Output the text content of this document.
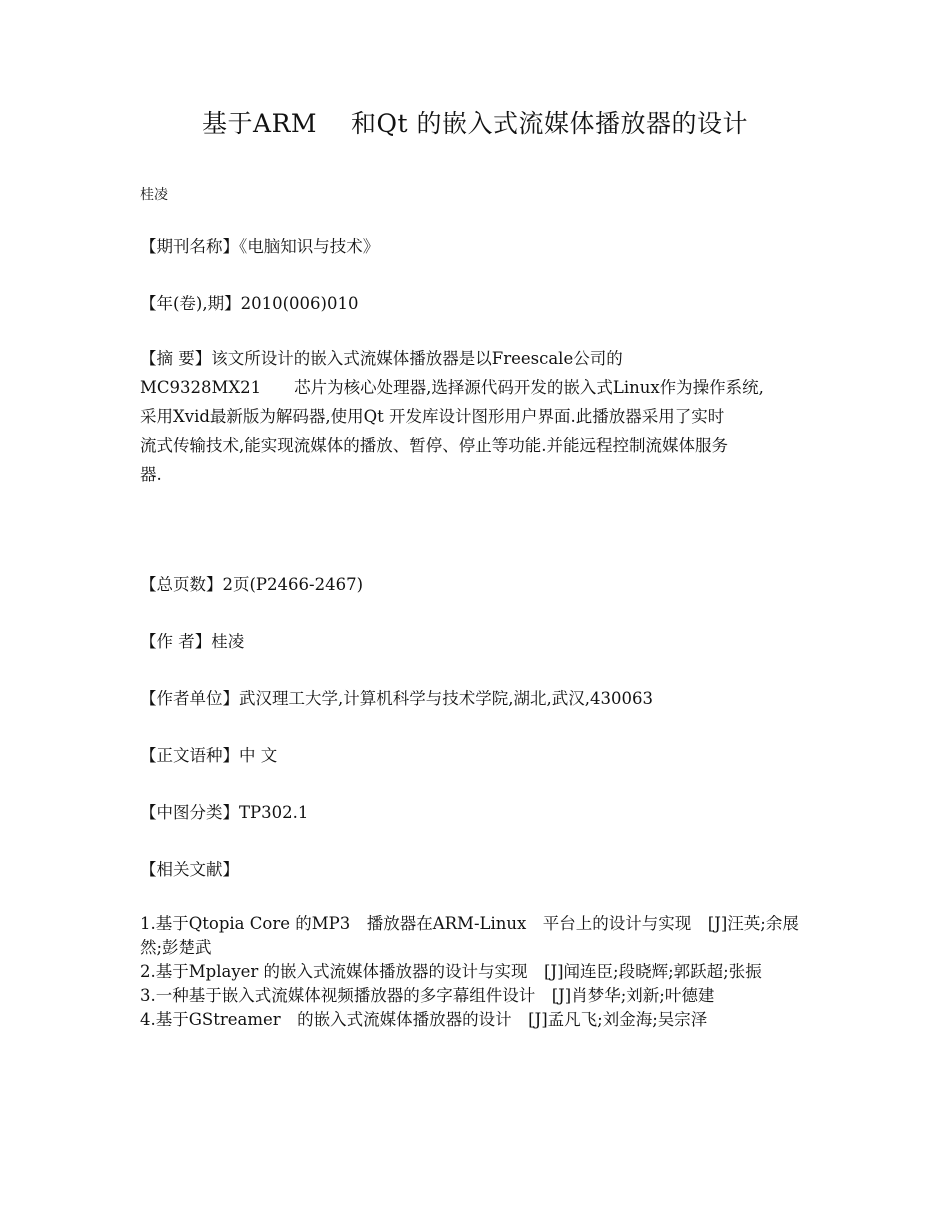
基于ARM　 和Qt 的嵌入式流媒体播放器的设计
桂凌
【期刊名称】《电脑知识与技术》
【年(卷),期】2010(006)010
【摘 要】该文所设计的嵌入式流媒体播放器是以Freescale公司的
MC9328MX21　　芯片为核心处理器,选择源代码开发的嵌入式Linux作为操作系统,
采用Xvid最新版为解码器,使用Qt 开发库设计图形用户界面.此播放器采用了实时
流式传输技术,能实现流媒体的播放、暂停、停止等功能.并能远程控制流媒体服务
器.
【总页数】2页(P2466-2467)
【作 者】桂凌
【作者单位】武汉理工大学,计算机科学与技术学院,湖北,武汉,430063
【正文语种】中 文
【中图分类】TP302.1
【相关文献】
1.基于Qtopia Core 的MP3　播放器在ARM-Linux　平台上的设计与实现　[J]汪英;余展然;彭楚武
2.基于Mplayer 的嵌入式流媒体播放器的设计与实现　[J]闻连臣;段晓辉;郭跃超;张振
3.一种基于嵌入式流媒体视频播放器的多字幕组件设计　[J]肖梦华;刘新;叶德建
4.基于GStreamer　的嵌入式流媒体播放器的设计　[J]孟凡飞;刘金海;吴宗泽
